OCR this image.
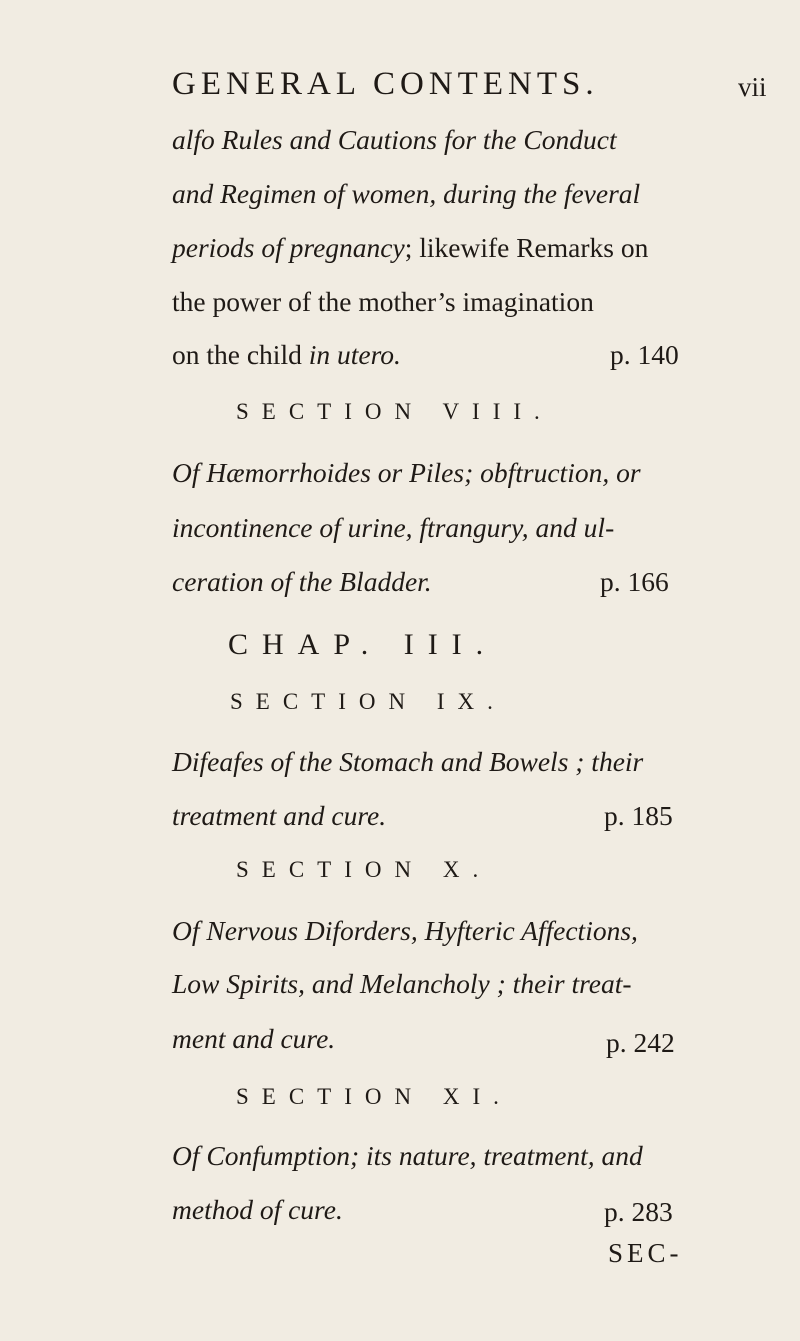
GENERAL CONTENTS.	vii
alfo Rules and Cautions for the Conduct
and Regimen of women, during the feveral
periods of pregnancy; likewife Remarks on
the power of the mother’s imagination
on the child in utero.	p. 140
SECTION VIII.
Of Hæmorrhoides or Piles; obftruction, or
incontinence of urine, ftrangury, and ul-
ceration of the Bladder.	p. 166
CHAP. III.
SECTION IX.
Difeafes of the Stomach and Bowels ; their
treatment and cure.	p. 185
SECTION X.
Of Nervous Diforders, Hyfteric Affections,
Low Spirits, and Melancholy ; their treat-
ment and cure.	p. 242
SECTION XI.
Of Confumption; its nature, treatment, and
method of cure.	p. 283
SEC-
